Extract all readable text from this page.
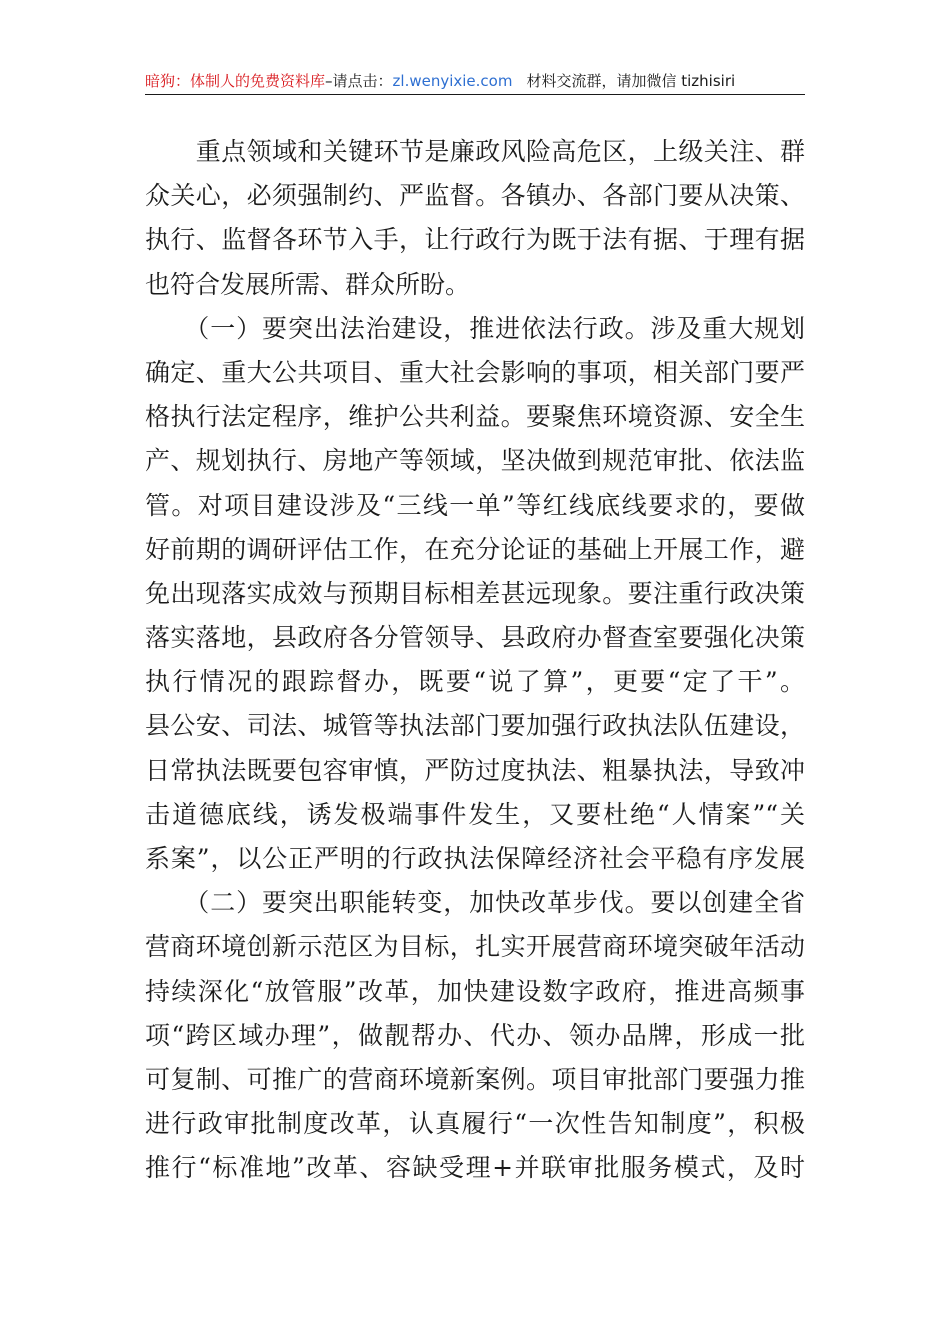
暗狗：体制人的免费资料库–请点击：zl.wenyixie.com 材料交流群，请加微信 tizhisiri
　　重点领域和关键环节是廉政风险高危区，上级关注、群
众关心，必须强制约、严监督。各镇办、各部门要从决策、
执行、监督各环节入手，让行政行为既于法有据、于理有据
也符合发展所需、群众所盼。
　　（一）要突出法治建设，推进依法行政。涉及重大规划
确定、重大公共项目、重大社会影响的事项，相关部门要严
格执行法定程序，维护公共利益。要聚焦环境资源、安全生
产、规划执行、房地产等领域，坚决做到规范审批、依法监
管。对项目建设涉及“三线一单”等红线底线要求的，要做
好前期的调研评估工作，在充分论证的基础上开展工作，避
免出现落实成效与预期目标相差甚远现象。要注重行政决策
落实落地，县政府各分管领导、县政府办督查室要强化决策
执行情况的跟踪督办，既要“说了算”，更要“定了干”。
县公安、司法、城管等执法部门要加强行政执法队伍建设，
日常执法既要包容审慎，严防过度执法、粗暴执法，导致冲
击道德底线，诱发极端事件发生，又要杜绝“人情案”“关
系案”，以公正严明的行政执法保障经济社会平稳有序发展
　　（二）要突出职能转变，加快改革步伐。要以创建全省
营商环境创新示范区为目标，扎实开展营商环境突破年活动
持续深化“放管服”改革，加快建设数字政府，推进高频事
项“跨区域办理”，做靓帮办、代办、领办品牌，形成一批
可复制、可推广的营商环境新案例。项目审批部门要强力推
进行政审批制度改革，认真履行“一次性告知制度”，积极
推行“标准地”改革、容缺受理+并联审批服务模式，及时
